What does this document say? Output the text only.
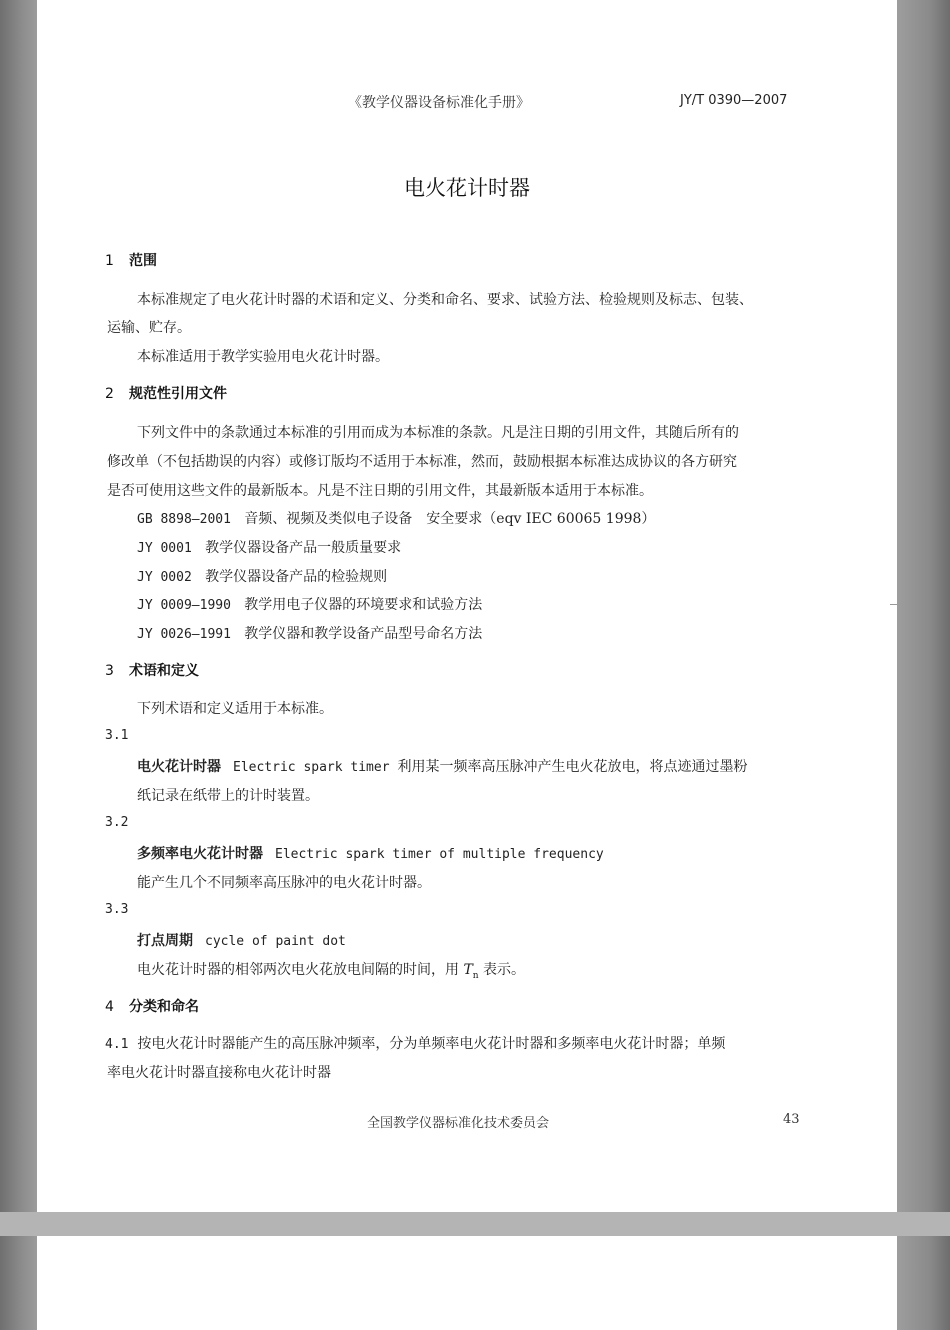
《教学仪器设备标准化手册》	JY/T 0390—2007
电火花计时器
1 范围
本标准规定了电火花计时器的术语和定义、分类和命名、要求、试验方法、检验规则及标志、包装、
运输、贮存。
本标准适用于教学实验用电火花计时器。
2 规范性引用文件
下列文件中的条款通过本标准的引用而成为本标准的条款。凡是注日期的引用文件，其随后所有的
修改单（不包括勘误的内容）或修订版均不适用于本标准，然而，鼓励根据本标准达成协议的各方研究
是否可使用这些文件的最新版本。凡是不注日期的引用文件，其最新版本适用于本标准。
GB 8898—2001 音频、视频及类似电子设备　安全要求（eqv IEC 60065 1998）
JY 0001 教学仪器设备产品一般质量要求
JY 0002 教学仪器设备产品的检验规则
JY 0009—1990 教学用电子仪器的环境要求和试验方法
JY 0026—1991 教学仪器和教学设备产品型号命名方法
3 术语和定义
下列术语和定义适用于本标准。
3.1
电火花计时器 Electric spark timer 利用某一频率高压脉冲产生电火花放电，将点迹通过墨粉
纸记录在纸带上的计时装置。
3.2
多频率电火花计时器 Electric spark timer of multiple frequency
能产生几个不同频率高压脉冲的电火花计时器。
3.3
打点周期 cycle of paint dot
电火花计时器的相邻两次电火花放电间隔的时间，用 $T_n$ 表示。
4 分类和命名
4.1 按电火花计时器能产生的高压脉冲频率，分为单频率电火花计时器和多频率电火花计时器；单频
率电火花计时器直接称电火花计时器
全国教学仪器标准化技术委员会	43
